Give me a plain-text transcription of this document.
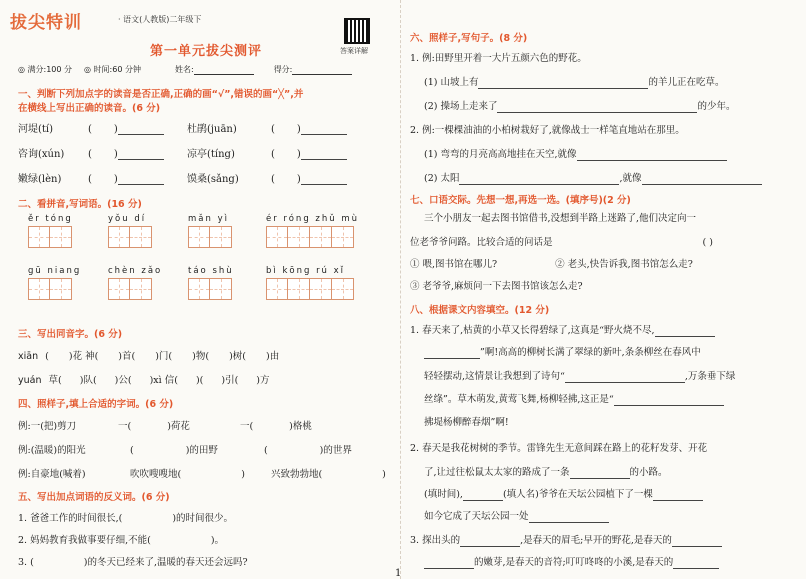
拔尖特训	· 语文(人教版)二年级下
答案详解
第一单元拔尖测评
◎ 满分:100 分 ◎ 时间:60 分钟	姓名:	得分:
一、判断下列加点字的读音是否正确,正确的画“√”,错误的画“╳”,并
在横线上写出正确的读音。(6 分)
河堤(tí)	( )	杜鹃(juān)	( )
咨询(xún) ( )	凉亭(tíng)	( )
嫩绿(lèn)	( )	馍桑(sǎng)	( )
二、看拼音,写词语。(16 分)
ěr tóng	yǒu dí	mǎn yì	ér róng zhǔ mù
gū niang	chèn zǎo	táo shù	bì kōng rú xǐ
三、写出同音字。(6 分)
xiān ( )花 神( )首( )门( )物( )树( )由
yuán 草( )队( )公( )xì 信( )( )引( )方
四、照样子,填上合适的字词。(6 分)
例:一(把)剪刀	一(	)荷花	一(	)格桃
例:(温暖)的阳光	(	)的田野	(	)的世界
例:自豪地(喊着)	吹吹嗖嗖地(	)	兴致勃勃地(	)
五、写出加点词语的反义词。(6 分)
1. 爸爸工作的时间很长,(	)的时间很少。
2. 妈妈教育我做事要仔细,不能(	)。
3. (	)的冬天已经来了,温暖的春天还会远吗?
六、照样子,写句子。(8 分)
1. 例:田野里开着一大片五颜六色的野花。
(1) 山坡上有	的羊儿正在吃草。
(2) 操场上走来了	的少年。
2. 例:一棵棵油油的小柏树栽好了,就像战士一样笔直地站在那里。
(1) 弯弯的月亮高高地挂在天空,就像
(2) 太阳	,就像
七、口语交际。先想一想,再选一选。(填序号)(2 分)
三个小朋友一起去图书馆借书,没想到半路上迷路了,他们决定向一
位老爷爷问路。比较合适的问话是	( )
① 喂,图书馆在哪儿?	② 老头,快告诉我,图书馆怎么走?
③ 老爷爷,麻烦问一下去图书馆该怎么走?
八、根据课文内容填空。(12 分)
1. 春天来了,枯黄的小草又长得碧绿了,这真是“野火烧不尽,
”啊!高高的柳树长满了翠绿的新叶,条条柳丝在春风中
轻轻摆动,这情景让我想到了诗句“	,万条垂下绿
丝绦”。草木萌发,黄莺飞舞,杨柳轻拂,这正是“
拂堤杨柳醉春烟”啊!
2. 春天是我花树树的季节。雷锋先生无意间踩在路上的花籽发芽、开花
了,让过往松鼠太太家的路成了一条	的小路。
(填时间),	(填人名)爷爷在天坛公园植下了一棵
如今它成了天坛公园一处
3. 探出头的	,是春天的眉毛;早开的野花,是春天的
的嫩芽,是春天的音符;叮叮咚咚的小溪,是春天的
1
